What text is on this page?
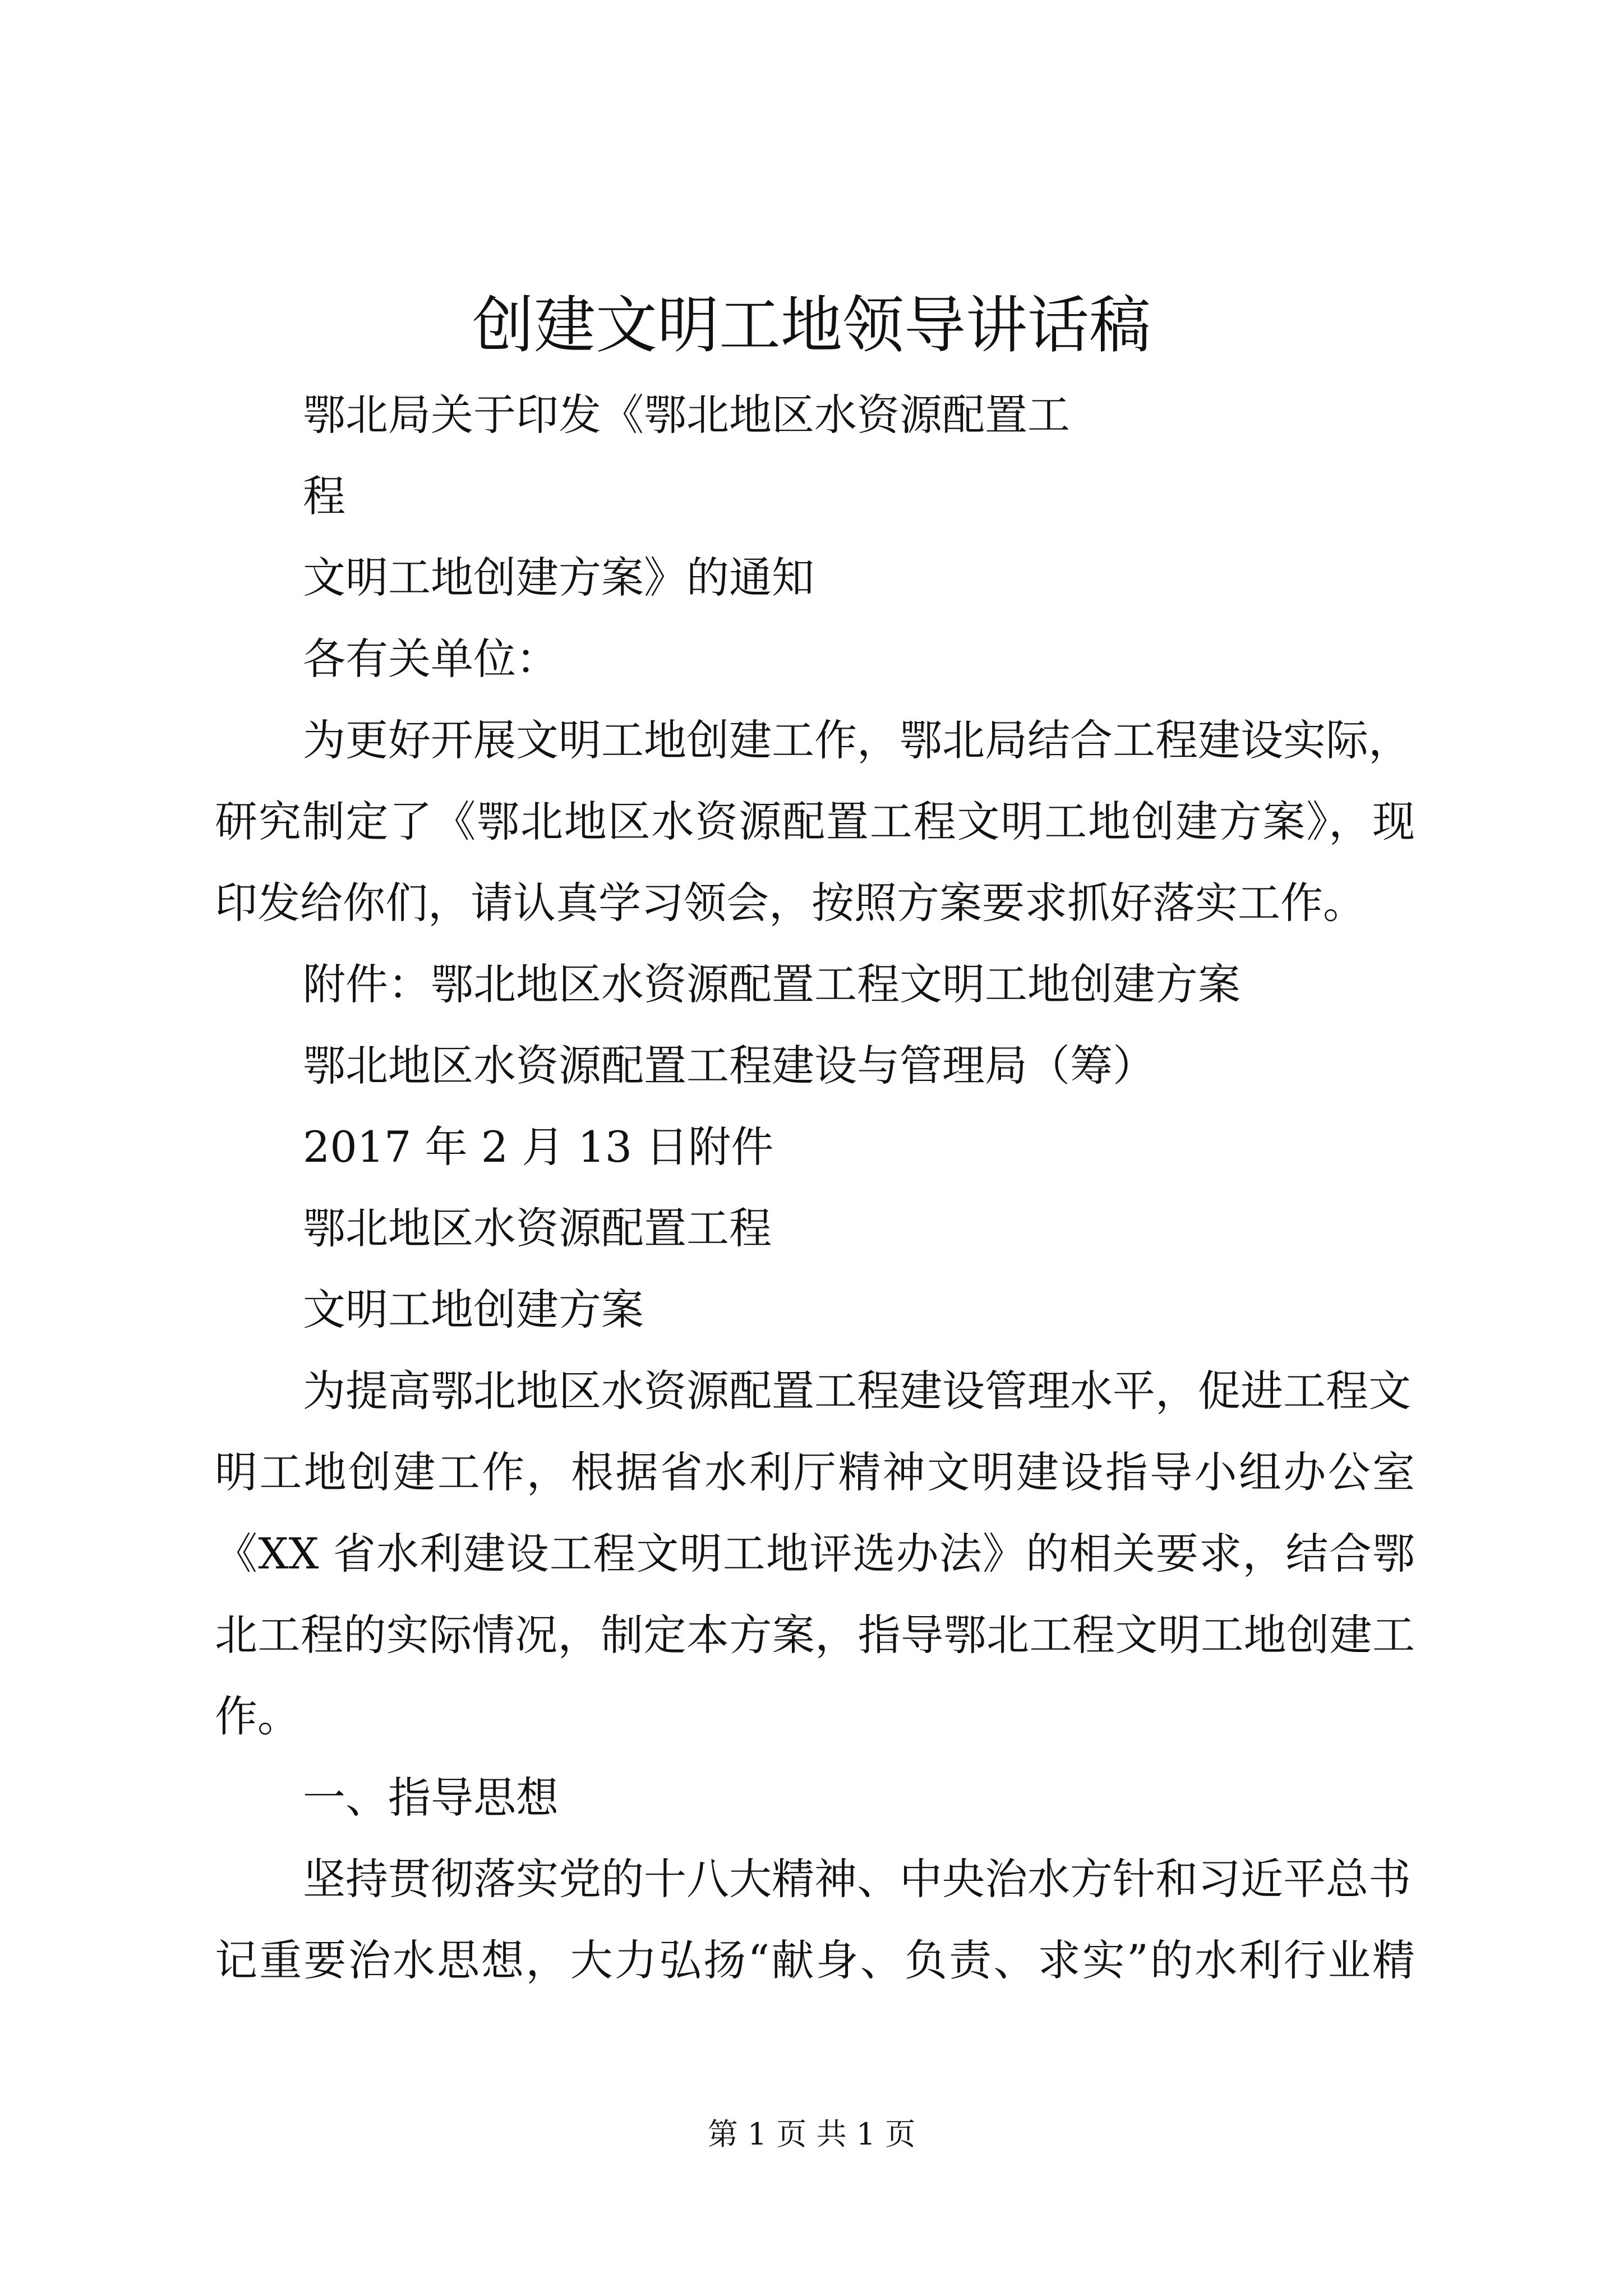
创建文明工地领导讲话稿
鄂北局关于印发《鄂北地区水资源配置工
程
文明工地创建方案》的通知
各有关单位：
为更好开展文明工地创建工作，鄂北局结合工程建设实际，
研究制定了《鄂北地区水资源配置工程文明工地创建方案》，现
印发给你们，请认真学习领会，按照方案要求抓好落实工作。
附件：鄂北地区水资源配置工程文明工地创建方案
鄂北地区水资源配置工程建设与管理局（筹）
2017 年 2 月 13 日附件
鄂北地区水资源配置工程
文明工地创建方案
为提高鄂北地区水资源配置工程建设管理水平，促进工程文
明工地创建工作，根据省水利厅精神文明建设指导小组办公室
《XX 省水利建设工程文明工地评选办法》的相关要求，结合鄂
北工程的实际情况，制定本方案，指导鄂北工程文明工地创建工
作。
一、指导思想
坚持贯彻落实党的十八大精神、中央治水方针和习近平总书
记重要治水思想，大力弘扬“献身、负责、求实”的水利行业精
第 1 页 共 1 页
